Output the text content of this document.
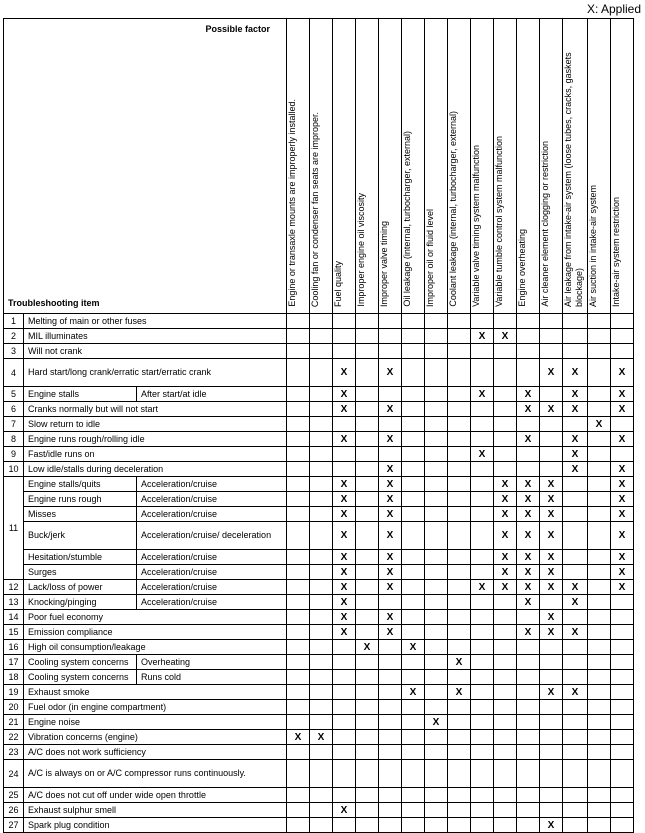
X: Applied
Possible factor
Troubleshooting item			Engine or transaxle mounts are improperly installed.	Cooling fan or condenser fan seats are improper.	Fuel quality	Improper engine oil viscosity	Improper valve timing	Oil leakage (internal, turbocharger, external)	Improper oil or fluid level	Coolant leakage (internal, turbocharger, external)	Variable valve timing system malfunction	Variable tumble control system malfunction	Engine overheating	Air cleaner element clogging or restriction	Air leakage from intake-air system (loose tubes, cracks, gaskets blockage)	Air suction in intake-air system	Intake-air system restriction
1	Melting of main or other fuses																
2	MIL illuminates										X	X					
3	Will not crank																
4	Hard start/long crank/erratic start/erratic crank				X		X							X	X		X
5	Engine stalls	After start/at idle			X						X		X		X		X
6	Cranks normally but will not start				X		X						X	X	X		X
7	Slow return to idle															X	
8	Engine runs rough/rolling idle				X		X						X		X		X
9	Fast/idle runs on										X				X		
10	Low idle/stalls during deceleration						X								X		X
11	Engine stalls/quits	Acceleration/cruise			X		X					X	X	X			X
	Engine runs rough	Acceleration/cruise			X		X					X	X	X			X
	Misses	Acceleration/cruise			X		X					X	X	X			X
	Buck/jerk	Acceleration/cruise/ deceleration			X		X					X	X	X			X
	Hesitation/stumble	Acceleration/cruise			X		X					X	X	X			X
	Surges	Acceleration/cruise			X		X					X	X	X			X
12	Lack/loss of power	Acceleration/cruise			X		X				X	X	X	X	X		X
13	Knocking/pinging	Acceleration/cruise			X								X		X		
14	Poor fuel economy				X		X							X			
15	Emission compliance				X		X						X	X	X		
16	High oil consumption/leakage					X		X									
17	Cooling system concerns	Overheating								X							
18	Cooling system concerns	Runs cold															
19	Exhaust smoke							X		X				X	X		
20	Fuel odor (in engine compartment)																
21	Engine noise								X								
22	Vibration concerns (engine)		X	X													
23	A/C does not work sufficiency																
24	A/C is always on or A/C compressor runs continuously.																
25	A/C does not cut off under wide open throttle																
26	Exhaust sulphur smell				X												
27	Spark plug condition													X			
